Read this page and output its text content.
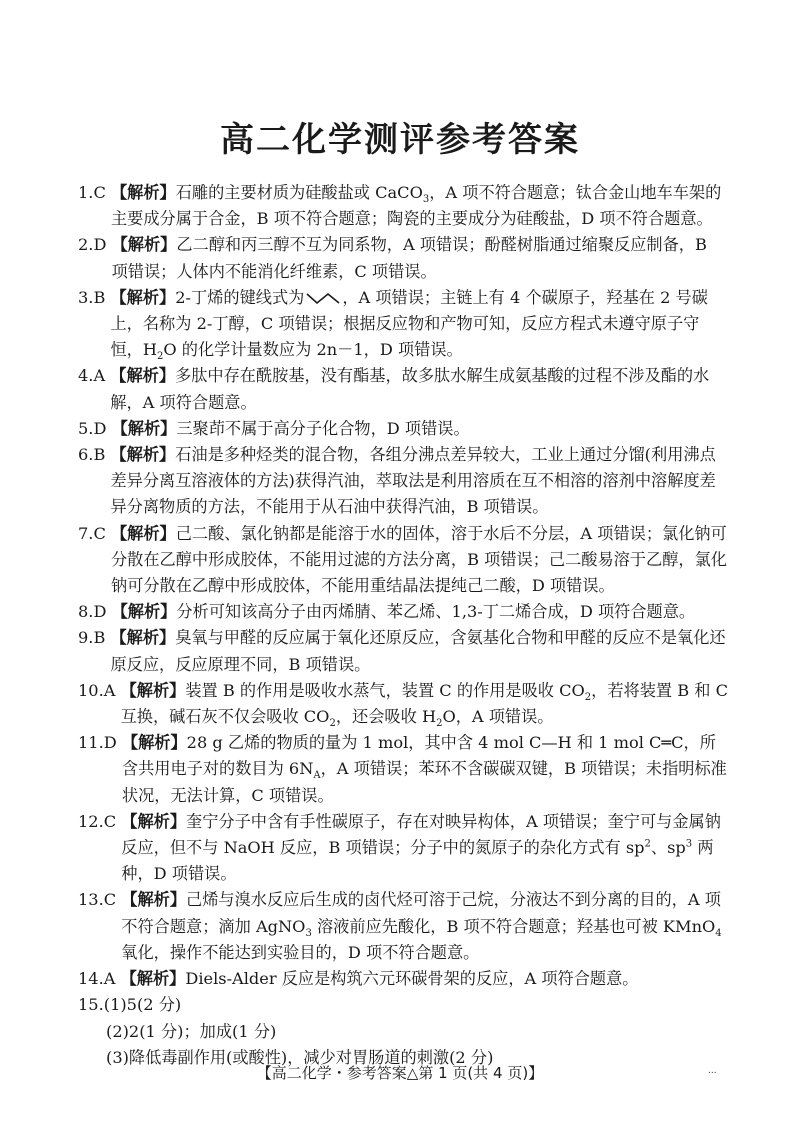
高二化学测评参考答案
1.C
【解析】石雕的主要材质为硅酸盐或 CaCO$_3$，A 项不符合题意；钛合金山地车车架的主要成分属于合金，B 项不符合题意；陶瓷的主要成分为硅酸盐，D 项不符合题意。
2.D
【解析】乙二醇和丙三醇不互为同系物，A 项错误；酚醛树脂通过缩聚反应制备，B 项错误；人体内不能消化纤维素，C 项错误。
3.B
【解析】2-丁烯的键线式为 ，A 项错误；主链上有 4 个碳原子，羟基在 2 号碳上，名称为 2-丁醇，C 项错误；根据反应物和产物可知，反应方程式未遵守原子守恒，$H_2O$ 的化学计量数应为 2n－1，D 项错误。
4.A
【解析】多肽中存在酰胺基，没有酯基，故多肽水解生成氨基酸的过程不涉及酯的水解，A 项符合题意。
5.D
【解析】三聚茚不属于高分子化合物，D 项错误。
6.B
【解析】石油是多种烃类的混合物，各组分沸点差异较大，工业上通过分馏(利用沸点差异分离互溶液体的方法)获得汽油，萃取法是利用溶质在互不相溶的溶剂中溶解度差异分离物质的方法，不能用于从石油中获得汽油，B 项错误。
7.C
【解析】己二酸、氯化钠都是能溶于水的固体，溶于水后不分层，A 项错误；氯化钠可分散在乙醇中形成胶体，不能用过滤的方法分离，B 项错误；己二酸易溶于乙醇，氯化钠可分散在乙醇中形成胶体，不能用重结晶法提纯己二酸，D 项错误。
8.D
【解析】分析可知该高分子由丙烯腈、苯乙烯、1,3-丁二烯合成，D 项符合题意。
9.B
【解析】臭氧与甲醛的反应属于氧化还原反应，含氨基化合物和甲醛的反应不是氧化还原反应，反应原理不同，B 项错误。
10.A
【解析】装置 B 的作用是吸收水蒸气，装置 C 的作用是吸收 $CO_2$，若将装置 B 和 C 互换，碱石灰不仅会吸收 $CO_2$，还会吸收 $H_2O$，A 项错误。
11.D
【解析】28 g 乙烯的物质的量为 1 mol，其中含 4 mol C—H 和 1 mol C═C，所含共用电子对的数目为 $6N_A$，A 项错误；苯环不含碳碳双键，B 项错误；未指明标准状况，无法计算，C 项错误。
12.C
【解析】奎宁分子中含有手性碳原子，存在对映异构体，A 项错误；奎宁可与金属钠反应，但不与 NaOH 反应，B 项错误；分子中的氮原子的杂化方式有 $sp^2$、$sp^3$ 两种，D 项错误。
13.C
【解析】己烯与溴水反应后生成的卤代烃可溶于己烷，分液达不到分离的目的，A 项不符合题意；滴加 AgNO$_3$ 溶液前应先酸化，B 项不符合题意；羟基也可被 KMnO$_4$ 氧化，操作不能达到实验目的，D 项不符合题意。
14.A
【解析】Diels-Alder 反应是构筑六元环碳骨架的反应，A 项符合题意。
15. (1)5(2 分)
(2)2(1 分)；加成(1 分)
(3)降低毒副作用(或酸性)，减少对胃肠道的刺激(2 分)
【高二化学・参考答案△第 1 页(共 4 页)】	...
